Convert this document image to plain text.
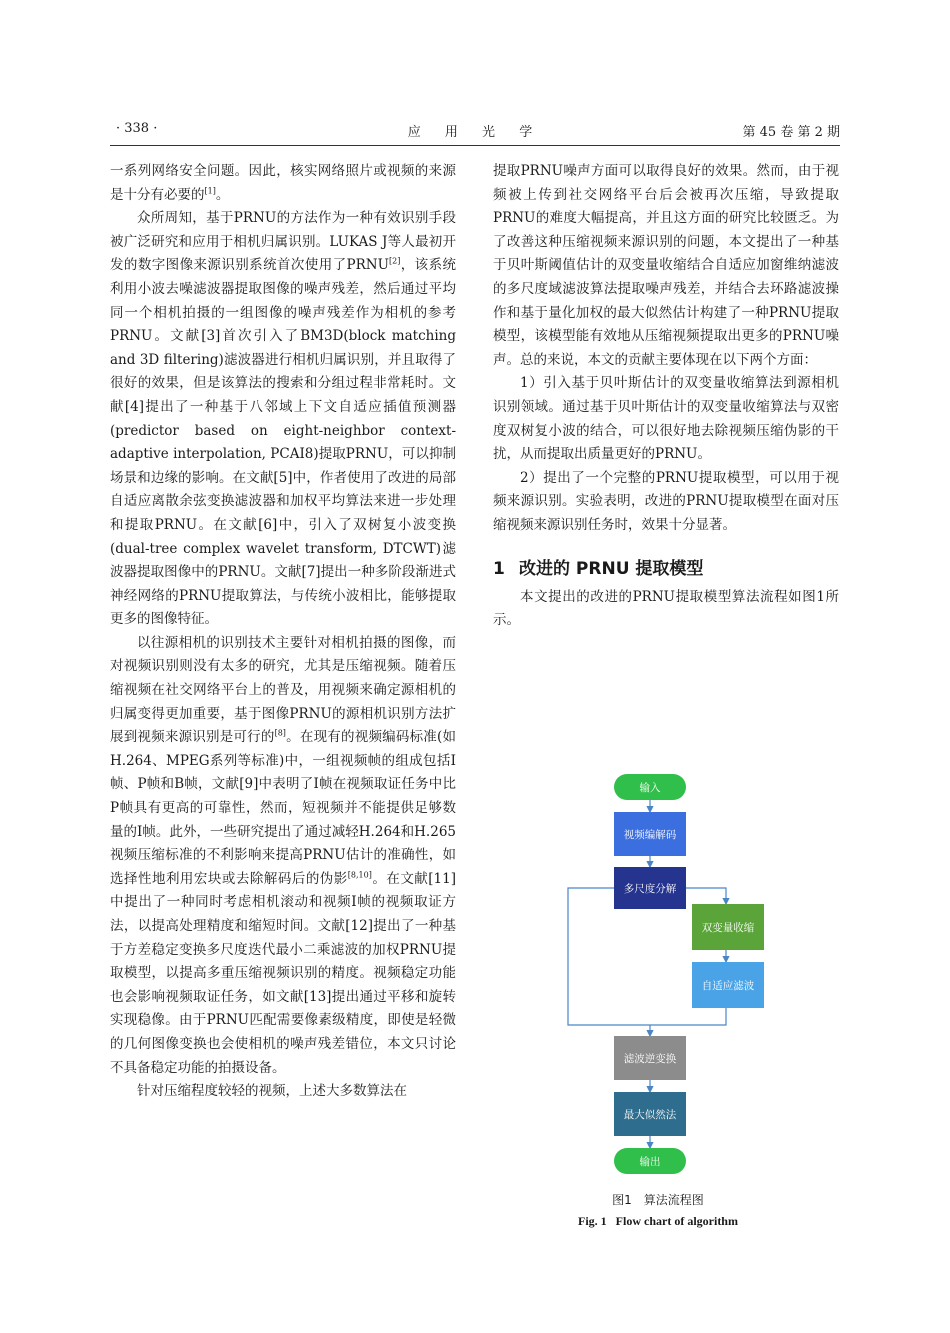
· 338 ·	应 用 光 学	第 45 卷 第 2 期

一系列网络安全问题。因此，核实网络照片或视频的来源是十分有必要的[1]。

众所周知，基于PRNU的方法作为一种有效识别手段被广泛研究和应用于相机归属识别。LUKAS J等人最初开发的数字图像来源识别系统首次使用了PRNU[2]，该系统利用小波去噪滤波器提取图像的噪声残差，然后通过平均同一个相机拍摄的一组图像的噪声残差作为相机的参考PRNU。文献[3]首次引入了BM3D(block matching and 3D filtering)滤波器进行相机归属识别，并且取得了很好的效果，但是该算法的搜索和分组过程非常耗时。文献[4]提出了一种基于八邻域上下文自适应插值预测器(predictor based on eight-neighbor context-adaptive interpolation, PCAI8)提取PRNU，可以抑制场景和边缘的影响。在文献[5]中，作者使用了改进的局部自适应离散余弦变换滤波器和加权平均算法来进一步处理和提取PRNU。在文献[6]中，引入了双树复小波变换(dual-tree complex wavelet transform, DTCWT)滤波器提取图像中的PRNU。文献[7]提出一种多阶段渐进式神经网络的PRNU提取算法，与传统小波相比，能够提取更多的图像特征。

以往源相机的识别技术主要针对相机拍摄的图像，而对视频识别则没有太多的研究，尤其是压缩视频。随着压缩视频在社交网络平台上的普及，用视频来确定源相机的归属变得更加重要，基于图像PRNU的源相机识别方法扩展到视频来源识别是可行的[8]。在现有的视频编码标准(如H.264、MPEG系列等标准)中，一组视频帧的组成包括I帧、P帧和B帧，文献[9]中表明了I帧在视频取证任务中比P帧具有更高的可靠性，然而，短视频并不能提供足够数量的I帧。此外，一些研究提出了通过减轻H.264和H.265视频压缩标准的不利影响来提高PRNU估计的准确性，如选择性地利用宏块或去除解码后的伪影[8,10]。在文献[11]中提出了一种同时考虑相机滚动和视频I帧的视频取证方法，以提高处理精度和缩短时间。文献[12]提出了一种基于方差稳定变换多尺度迭代最小二乘滤波的加权PRNU提取模型，以提高多重压缩视频识别的精度。视频稳定功能也会影响视频取证任务，如文献[13]提出通过平移和旋转实现稳像。由于PRNU匹配需要像素级精度，即使是轻微的几何图像变换也会使相机的噪声残差错位，本文只讨论不具备稳定功能的拍摄设备。

针对压缩程度较轻的视频，上述大多数算法在

提取PRNU噪声方面可以取得良好的效果。然而，由于视频被上传到社交网络平台后会被再次压缩，导致提取PRNU的难度大幅提高，并且这方面的研究比较匮乏。为了改善这种压缩视频来源识别的问题，本文提出了一种基于贝叶斯阈值估计的双变量收缩结合自适应加窗维纳滤波的多尺度域滤波算法提取噪声残差，并结合去环路滤波操作和基于量化加权的最大似然估计构建了一种PRNU提取模型，该模型能有效地从压缩视频提取出更多的PRNU噪声。总的来说，本文的贡献主要体现在以下两个方面：

1）引入基于贝叶斯估计的双变量收缩算法到源相机识别领域。通过基于贝叶斯估计的双变量收缩算法与双密度双树复小波的结合，可以很好地去除视频压缩伪影的干扰，从而提取出质量更好的PRNU。

2）提出了一个完整的PRNU提取模型，可以用于视频来源识别。实验表明，改进的PRNU提取模型在面对压缩视频来源识别任务时，效果十分显著。

1 改进的 PRNU 提取模型

本文提出的改进的PRNU提取模型算法流程如图1所示。

输入
视频编解码
多尺度分解
双变量收缩
自适应滤波
滤波逆变换
最大似然法
输出
图1　算法流程图
Fig. 1 Flow chart of algorithm
